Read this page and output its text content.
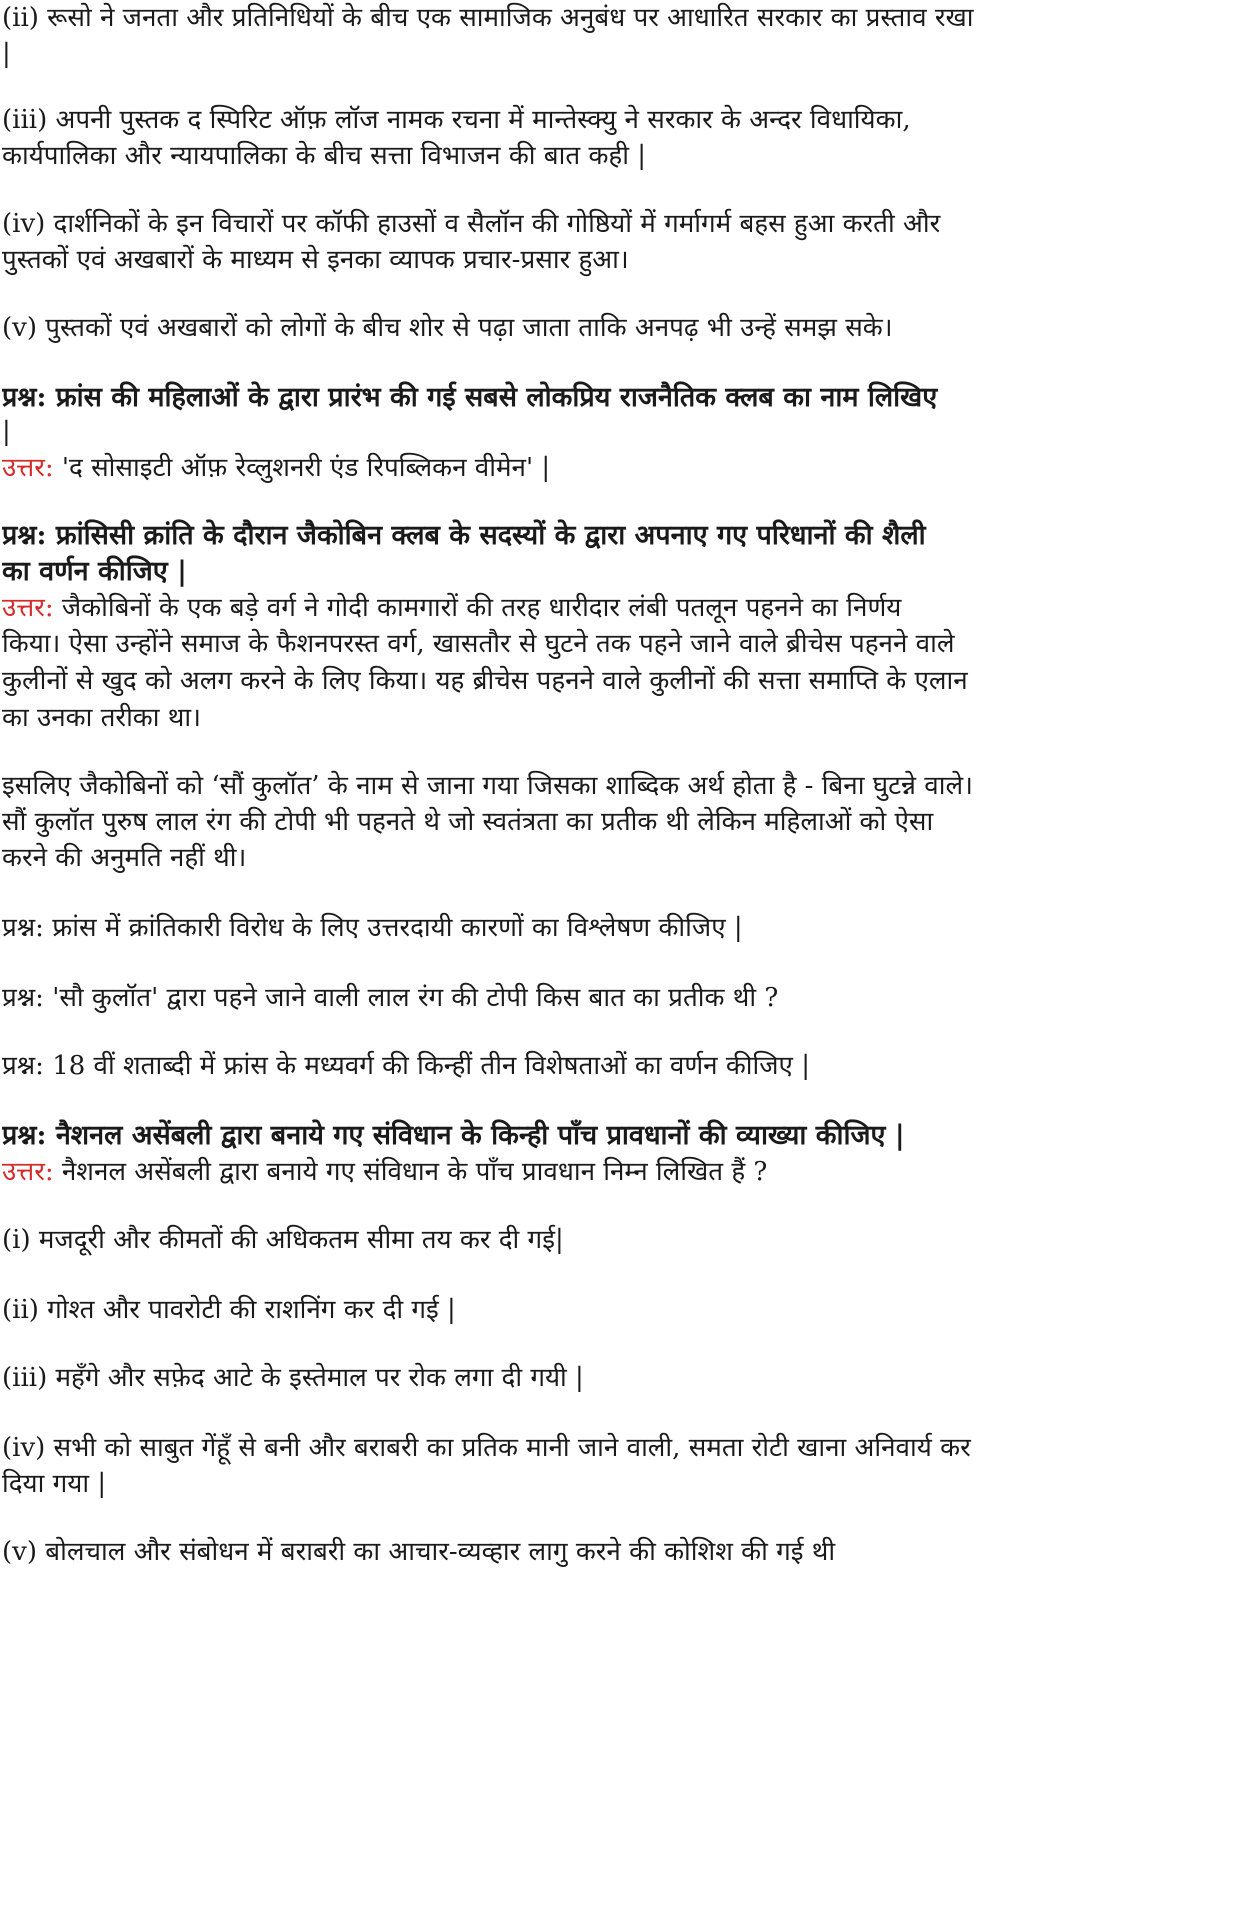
(ii) रूसो ने जनता और प्रतिनिधियों के बीच एक सामाजिक अनुबंध पर आधारित सरकार का प्रस्ताव रखा
|
(iii) अपनी पुस्तक द स्पिरिट ऑफ़ लॉज नामक रचना में मान्तेस्क्यु ने सरकार के अन्दर विधायिका,
कार्यपालिका और न्यायपालिका के बीच सत्ता विभाजन की बात कही |
(iv) दार्शनिकों के इन विचारों पर कॉफी हाउसों व सैलॉन की गोष्ठियों में गर्मागर्म बहस हुआ करती और
पुस्तकों एवं अखबारों के माध्यम से इनका व्यापक प्रचार-प्रसार हुआ।
(v) पुस्तकों एवं अखबारों को लोगों के बीच शोर से पढ़ा जाता ताकि अनपढ़ भी उन्हें समझ सके।
प्रश्न: फ्रांस की महिलाओं के द्वारा प्रारंभ की गई सबसे लोकप्रिय राजनैतिक क्लब का नाम लिखिए
|
उत्तर: 'द सोसाइटी ऑफ़ रेव्लुशनरी एंड रिपब्लिकन वीमेन' |
प्रश्न: फ्रांसिसी क्रांति के दौरान जैकोबिन क्लब के सदस्यों के द्वारा अपनाए गए परिधानों की शैली
का वर्णन कीजिए |
उत्तर: जैकोबिनों के एक बड़े वर्ग ने गोदी कामगारों की तरह धारीदार लंबी पतलून पहनने का निर्णय
किया। ऐसा उन्होंने समाज के फैशनपरस्त वर्ग, खासतौर से घुटने तक पहने जाने वाले ब्रीचेस पहनने वाले
कुलीनों से खुद को अलग करने के लिए किया। यह ब्रीचेस पहनने वाले कुलीनों की सत्ता समाप्ति के एलान
का उनका तरीका था।
इसलिए जैकोबिनों को ‘सौं कुलॉत’ के नाम से जाना गया जिसका शाब्दिक अर्थ होता है - बिना घुटन्ने वाले।
सौं कुलॉत पुरुष लाल रंग की टोपी भी पहनते थे जो स्वतंत्रता का प्रतीक थी लेकिन महिलाओं को ऐसा
करने की अनुमति नहीं थी।
प्रश्न: फ्रांस में क्रांतिकारी विरोध के लिए उत्तरदायी कारणों का विश्लेषण कीजिए |
प्रश्न: 'सौ कुलॉत' द्वारा पहने जाने वाली लाल रंग की टोपी किस बात का प्रतीक थी ?
प्रश्न: 18 वीं शताब्दी में फ्रांस के मध्यवर्ग की किन्हीं तीन विशेषताओं का वर्णन कीजिए |
प्रश्न: नैशनल असेंबली द्वारा बनाये गए संविधान के किन्ही पाँच प्रावधानों की व्याख्या कीजिए |
उत्तर: नैशनल असेंबली द्वारा बनाये गए संविधान के पाँच प्रावधान निम्न लिखित हैं ?
(i) मजदूरी और कीमतों की अधिकतम सीमा तय कर दी गई|
(ii) गोश्त और पावरोटी की राशनिंग कर दी गई |
(iii) महँगे और सफ़ेद आटे के इस्तेमाल पर रोक लगा दी गयी |
(iv) सभी को साबुत गेंहूँ से बनी और बराबरी का प्रतिक मानी जाने वाली, समता रोटी खाना अनिवार्य कर
दिया गया |
(v) बोलचाल और संबोधन में बराबरी का आचार-व्यव्हार लागु करने की कोशिश की गई थी
